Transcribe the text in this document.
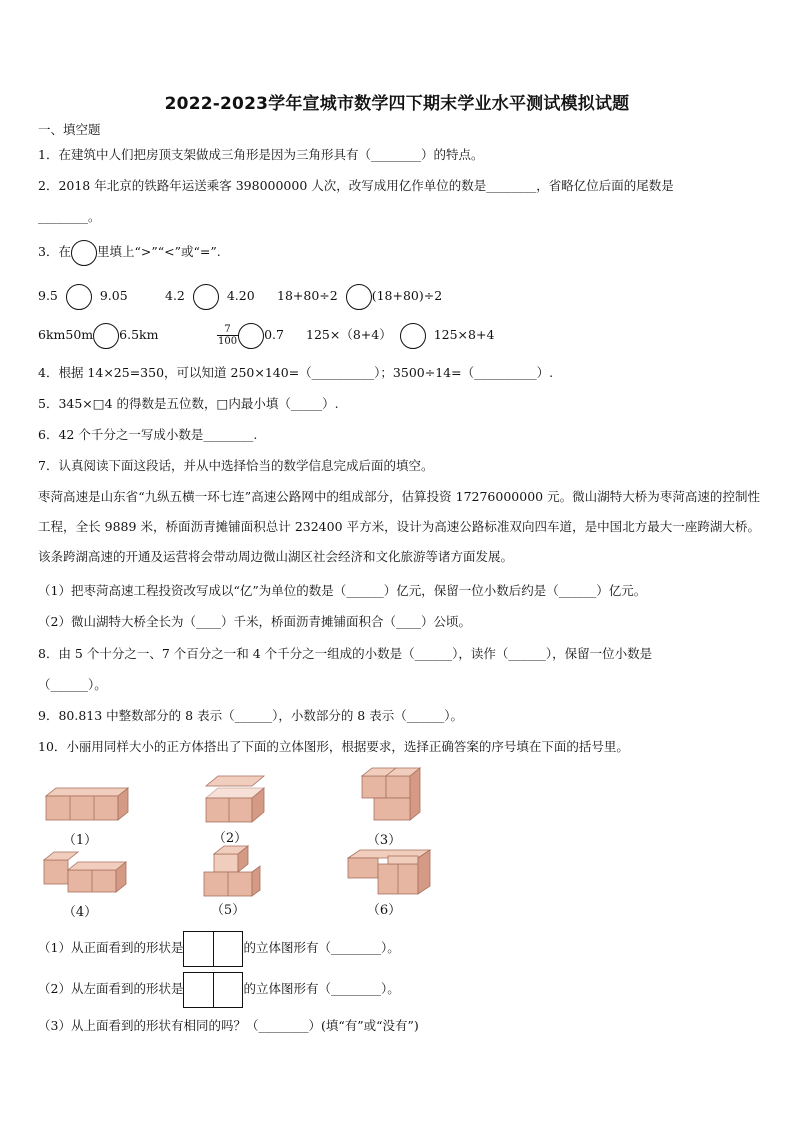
2022-2023学年宣城市数学四下期末学业水平测试模拟试题
一、填空题
1．在建筑中人们把房顶支架做成三角形是因为三角形具有（________）的特点。
2．2018 年北京的铁路年运送乘客 398000000 人次，改写成用亿作单位的数是________，省略亿位后面的尾数是
________。
3．在 里填上“>”“<”或“=”.
9.5	9.05	4.2	4.20 18+80÷2	(18+80)÷2
6km50m 6.5km	$\frac{7}{100} 0.7$ 125×（8+4）	125×8+4
4．根据 14×25=350，可以知道 250×140=（__________）；3500÷14=（__________）.
5．345×□4 的得数是五位数，□内最小填（_____）.
6．42 个千分之一写成小数是________.
7．认真阅读下面这段话，并从中选择恰当的数学信息完成后面的填空。
枣菏高速是山东省“九纵五横一环七连”高速公路网中的组成部分，估算投资 17276000000 元。微山湖特大桥为枣菏高速的控制性工程，全长 9889 米，桥面沥青摊铺面积总计 232400 平方米，设计为高速公路标准双向四车道，是中国北方最大一座跨湖大桥。该条跨湖高速的开通及运营将会带动周边微山湖区社会经济和文化旅游等诸方面发展。
（1）把枣菏高速工程投资改写成以“亿”为单位的数是（______）亿元，保留一位小数后约是（______）亿元。
（2）微山湖特大桥全长为（____）千米，桥面沥青摊铺面积合（____）公顷。
8．由 5 个十分之一、7 个百分之一和 4 个千分之一组成的小数是（______），读作（______），保留一位小数是
（______）。
9．80.813 中整数部分的 8 表示（______），小数部分的 8 表示（______）。
10．小丽用同样大小的正方体搭出了下面的立体图形，根据要求，选择正确答案的序号填在下面的括号里。
（1）	（2）	（3）
（4）	（5）	（6）
（1）从正面看到的形状是	的立体图形有（________）。
（2）从左面看到的形状是	的立体图形有（________）。
（3）从上面看到的形状有相同的吗？（________）(填“有”或“没有”)
